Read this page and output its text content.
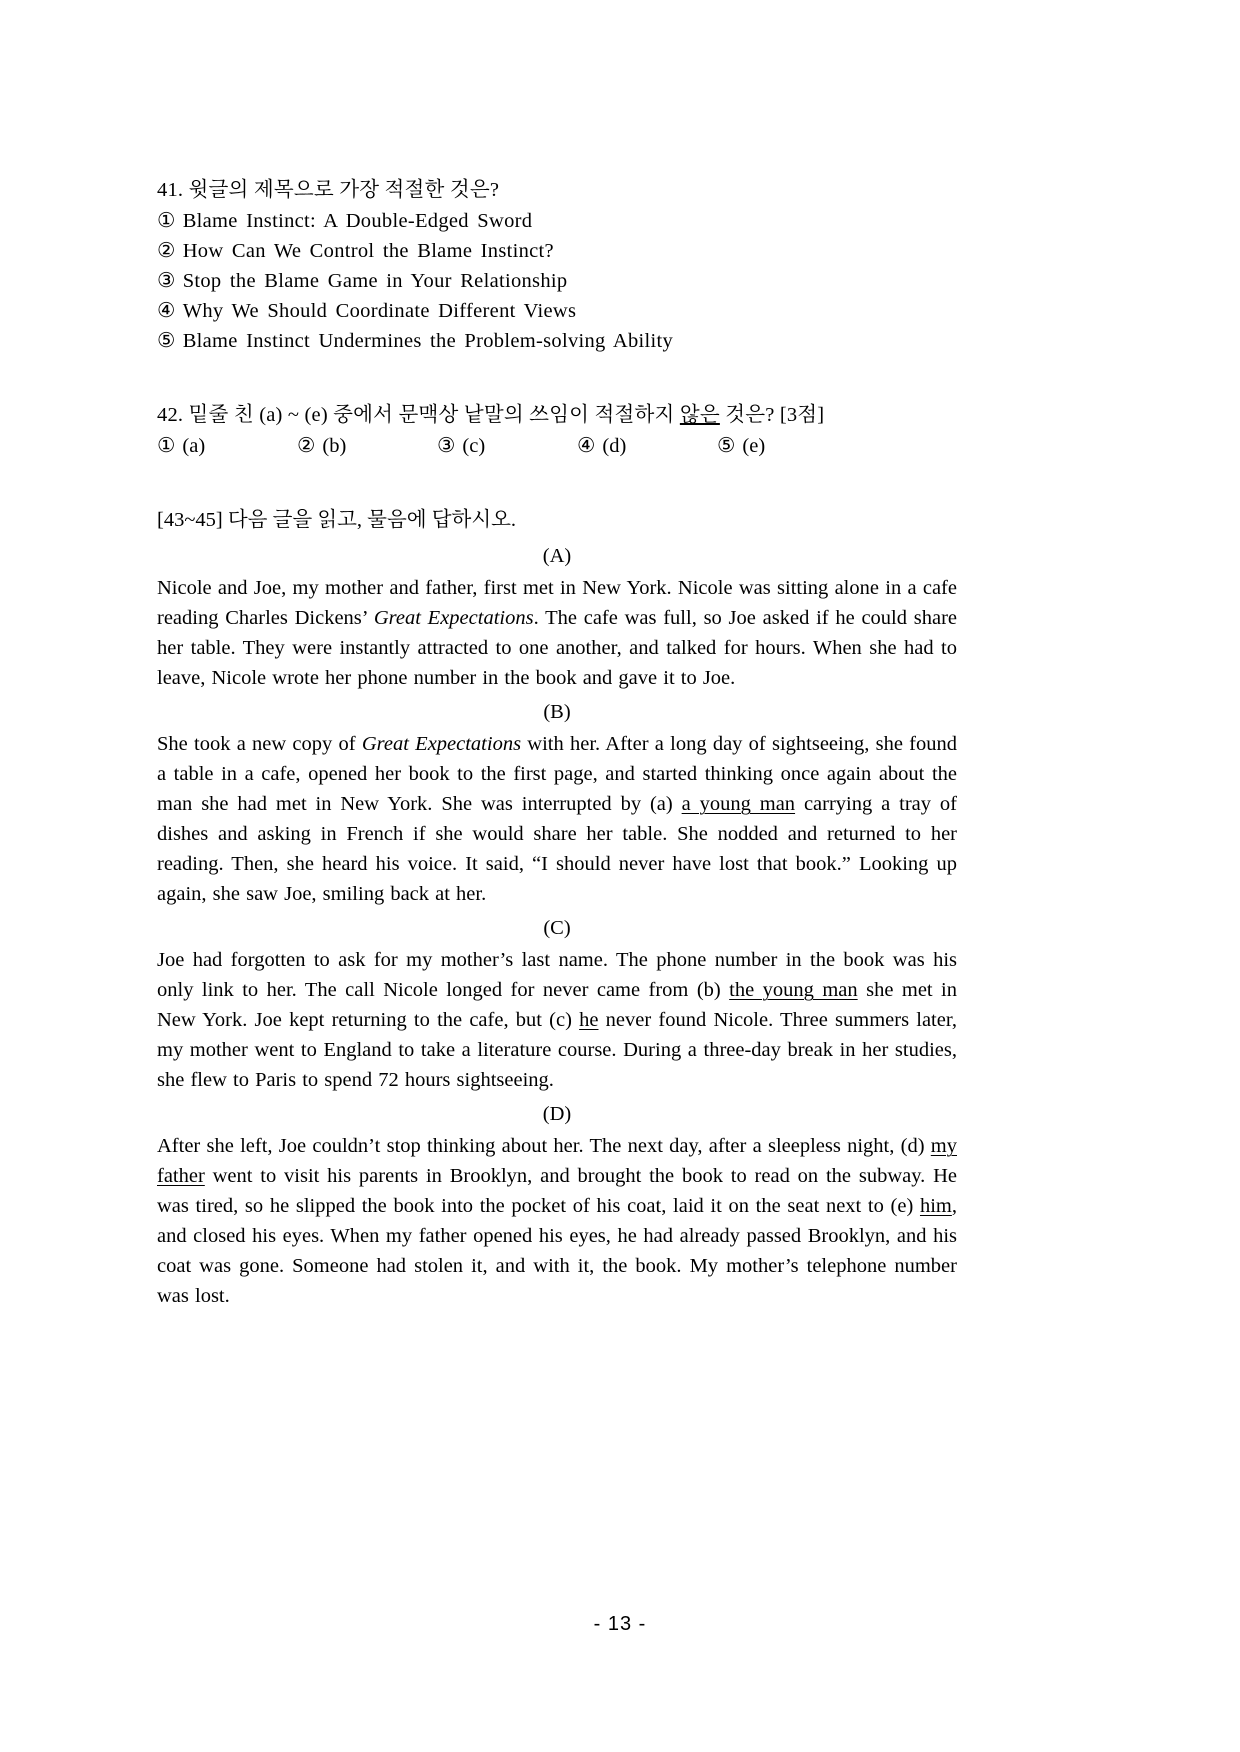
41. 윗글의 제목으로 가장 적절한 것은?

① Blame Instinct: A Double-Edged Sword

② How Can We Control the Blame Instinct?

③ Stop the Blame Game in Your Relationship

④ Why We Should Coordinate Different Views

⑤ Blame Instinct Undermines the Problem-solving Ability

42. 밑줄 친 (a) ~ (e) 중에서 문맥상 낱말의 쓰임이 적절하지 않은 것은? [3점]

① (a)	② (b)	③ (c)	④ (d)	⑤ (e)

[43~45] 다음 글을 읽고, 물음에 답하시오.

(A)

Nicole and Joe, my mother and father, first met in New York. Nicole was sitting alone in a cafe reading Charles Dickens’ Great Expectations. The cafe was full, so Joe asked if he could share her table. They were instantly attracted to one another, and talked for hours. When she had to leave, Nicole wrote her phone number in the book and gave it to Joe.

(B)

She took a new copy of Great Expectations with her. After a long day of sightseeing, she found a table in a cafe, opened her book to the first page, and started thinking once again about the man she had met in New York. She was interrupted by (a) a young man carrying a tray of dishes and asking in French if she would share her table. She nodded and returned to her reading. Then, she heard his voice. It said, “I should never have lost that book.” Looking up again, she saw Joe, smiling back at her.

(C)

Joe had forgotten to ask for my mother’s last name. The phone number in the book was his only link to her. The call Nicole longed for never came from (b) the young man she met in New York. Joe kept returning to the cafe, but (c) he never found Nicole. Three summers later, my mother went to England to take a literature course. During a three-day break in her studies, she flew to Paris to spend 72 hours sightseeing.

(D)

After she left, Joe couldn’t stop thinking about her. The next day, after a sleepless night, (d) my father went to visit his parents in Brooklyn, and brought the book to read on the subway. He was tired, so he slipped the book into the pocket of his coat, laid it on the seat next to (e) him, and closed his eyes. When my father opened his eyes, he had already passed Brooklyn, and his coat was gone. Someone had stolen it, and with it, the book. My mother’s telephone number was lost.

- 13 -
